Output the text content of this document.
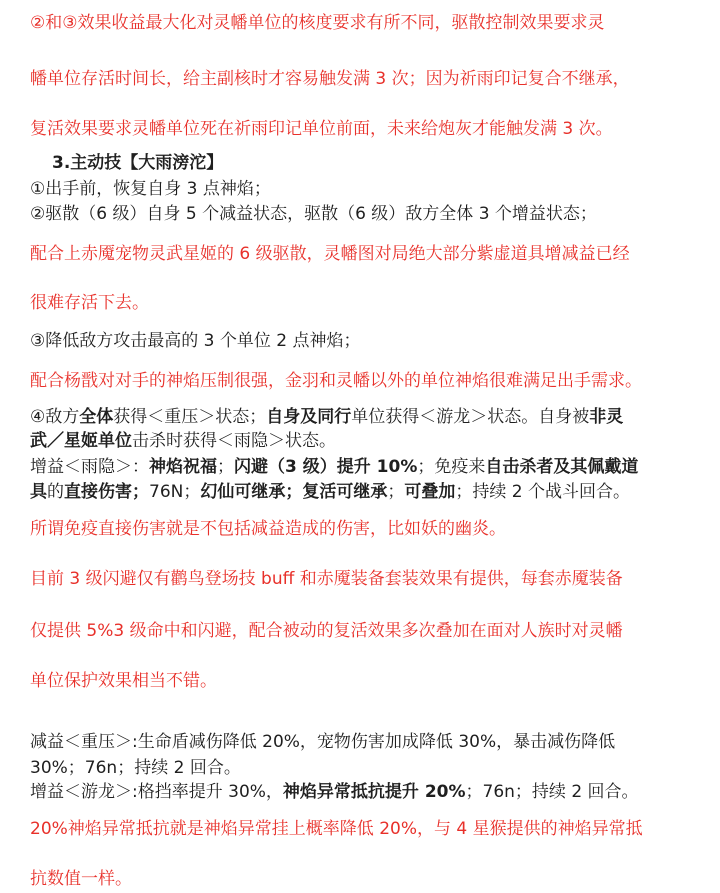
②和③效果收益最大化对灵幡单位的核度要求有所不同，驱散控制效果要求灵
幡单位存活时间长，给主副核时才容易触发满 3 次；因为祈雨印记复合不继承，
复活效果要求灵幡单位死在祈雨印记单位前面，未来给炮灰才能触发满 3 次。
3.主动技【大雨滂沱】
①出手前，恢复自身 3 点神焰；
②驱散（6 级）自身 5 个减益状态，驱散（6 级）敌方全体 3 个增益状态；
配合上赤魇宠物灵武星姬的 6 级驱散，灵幡图对局绝大部分紫虚道具增减益已经
很难存活下去。
③降低敌方攻击最高的 3 个单位 2 点神焰；
配合杨戬对对手的神焰压制很强，金羽和灵幡以外的单位神焰很难满足出手需求。
④敌方全体获得＜重压＞状态；自身及同行单位获得＜游龙＞状态。自身被非灵
武／星姬单位击杀时获得＜雨隐＞状态。
增益＜雨隐＞：神焰祝福；闪避（3 级）提升 10%；免疫来自击杀者及其佩戴道
具的直接伤害；76N；幻仙可继承；复活可继承；可叠加；持续 2 个战斗回合。
所谓免疫直接伤害就是不包括减益造成的伤害，比如妖的幽炎。
目前 3 级闪避仅有鹳鸟登场技 buff 和赤魇装备套装效果有提供，每套赤魇装备
仅提供 5%3 级命中和闪避，配合被动的复活效果多次叠加在面对人族时对灵幡
单位保护效果相当不错。
减益＜重压＞:生命盾减伤降低 20%，宠物伤害加成降低 30%，暴击减伤降低
30%；76n；持续 2 回合。
增益＜游龙＞:格挡率提升 30%，神焰异常抵抗提升 20%；76n；持续 2 回合。
20%神焰异常抵抗就是神焰异常挂上概率降低 20%，与 4 星猴提供的神焰异常抵
抗数值一样。
